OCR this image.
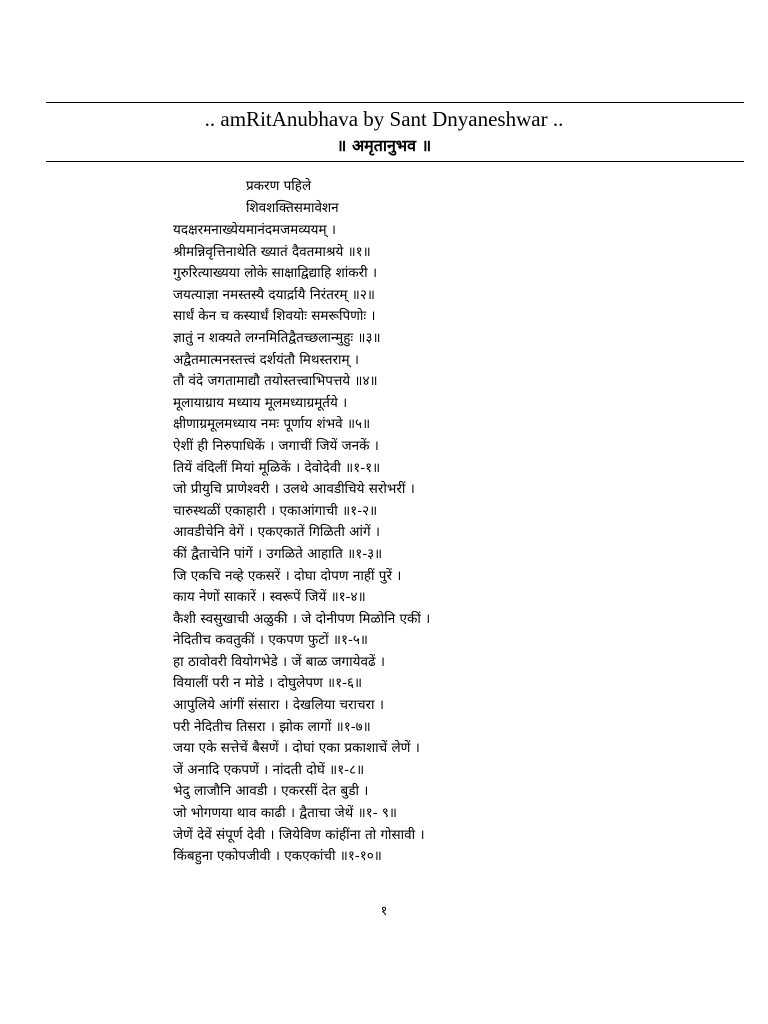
.. amRitAnubhava by Sant Dnyaneshwar ..
॥ अमृतानुभव ॥
प्रकरण पहिले
शिवशक्तिसमावेशन
यदक्षरमनाख्येयमानंदमजमव्ययम् ।
श्रीमन्निवृत्तिनाथेति ख्यातं दैवतमाश्रये ॥१॥
गुरुरित्याख्यया लोके साक्षाद्विद्याहि शांकरी ।
जयत्याज्ञा नमस्तस्यै दयार्द्रायै निरंतरम् ॥२॥
सार्धं केन च कस्यार्धं शिवयोः समरूपिणोः ।
ज्ञातुं न शक्यते लग्नमितिद्वैतच्छलान्मुहुः ॥३॥
अद्वैतमात्मनस्तत्त्वं दर्शयंतौ मिथस्तराम् ।
तौ वंदे जगतामाद्यौ तयोस्तत्त्वाभिपत्तये ॥४॥
मूलायाग्राय मध्याय मूलमध्याग्रमूर्तये ।
क्षीणाग्रमूलमध्याय नमः पूर्णाय शंभवे ॥५॥
ऐशीं ही निरुपाधिकें । जगाचीं जियें जनकें ।
तियें वंदिलीं मियां मूळिकें । देवोदेवी ॥१-१॥
जो प्रीयुचि प्राणेश्वरी । उलथे आवडीचिये सरोभरीं ।
चारुस्थळीं एकाहारी । एकाआंगाची ॥१-२॥
आवडीचेनि वेगें । एकएकातें गिळिती आंगें ।
कीं द्वैताचेनि पांगें । उगळिते आहाति ॥१-३॥
जि एकचि नव्हे एकसरें । दोघा दोपण नाहीं पुरें ।
काय नेणों साकारें । स्वरूपें जियें ॥१-४॥
कैशी स्वसुखाची अळुकी । जे दोनीपण मिळोनि एकीं ।
नेदितीच कवतुकीं । एकपण फुटों ॥१-५॥
हा ठावोवरी वियोगभेडे । जें बाळ जगायेवढें ।
वियालीं परी न मोडे । दोघुलेपण ॥१-६॥
आपुलिये आंगीं संसारा । देखलिया चराचरा ।
परी नेदितीच तिसरा । झोक लागों ॥१-७॥
जया एके सत्तेचें बैसणें । दोघां एका प्रकाशाचें लेणें ।
जें अनादि एकपणें । नांदती दोघें ॥१-८॥
भेदु लाजौनि आवडी । एकरसीं देत बुडी ।
जो भोगणया थाव काढी । द्वैताचा जेथें ॥१- ९॥
जेणें देवें संपूर्ण देवी । जियेविण कांहींना तो गोसावी ।
किंबहुना एकोपजीवी । एकएकांची ॥१-१०॥
१
